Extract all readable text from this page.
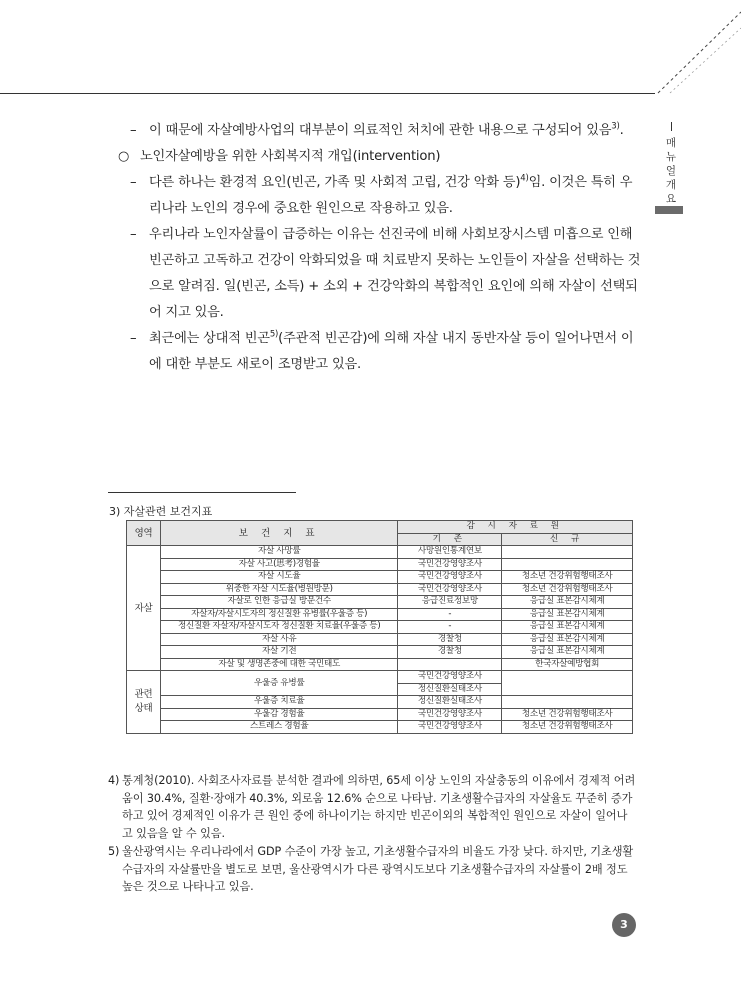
매뉴얼개요
– 이 때문에 자살예방사업의 대부분이 의료적인 처치에 관한 내용으로 구성되어 있음$^{3)}$.
○ 노인자살예방을 위한 사회복지적 개입(intervention)
– 다른 하나는 환경적 요인(빈곤, 가족 및 사회적 고립, 건강 악화 등)$^{4)}$임. 이것은 특히 우리나라 노인의 경우에 중요한 원인으로 작용하고 있음.
– 우리나라 노인자살률이 급증하는 이유는 선진국에 비해 사회보장시스템 미흡으로 인해 빈곤하고 고독하고 건강이 악화되었을 때 치료받지 못하는 노인들이 자살을 선택하는 것으로 알려짐. 일(빈곤, 소득) + 소외 + 건강악화의 복합적인 요인에 의해 자살이 선택되어 지고 있음.
– 최근에는 상대적 빈곤$^{5)}$(주관적 빈곤감)에 의해 자살 내지 동반자살 등이 일어나면서 이에 대한 부분도 새로이 조명받고 있음.
3) 자살관련 보건지표
영역	보 건 지 표	감 시 자 료 원	
		기 존	신 규
자살	자살 사망률	사망원인통계연보	
	자살 사고(思考)경험율	국민건강영양조사	
	자살 시도율	국민건강영양조사	청소년 건강위험행태조사
	위중한 자살 시도율(병원방문)	국민건강영양조사	청소년 건강위험행태조사
	자살로 인한 응급실 방문건수	응급진료정보망	응급실 표본감시체계
	자살자/자살시도자의 정신질환 유병률(우울증 등)	-	응급실 표본감시체계
	정신질환 자살자/자살시도자 정신질환 치료율(우울증 등)	-	응급실 표본감시체계
	자살 사유	경찰청	응급실 표본감시체계
	자살 기전	경찰청	응급실 표본감시체계
	자살 및 생명존중에 대한 국민태도		한국자살예방협회
관련
상태	우울증 유병률	국민건강영양조사	
		정신질환실태조사	
	우울증 치료율	정신질환실태조사	
	우울감 경험율	국민건강영양조사	청소년 건강위험행태조사
	스트레스 경험율	국민건강영양조사	청소년 건강위험행태조사
4) 통계청(2010). 사회조사자료를 분석한 결과에 의하면, 65세 이상 노인의 자살충동의 이유에서 경제적 어려움이 30.4%, 질환·장애가 40.3%, 외로움 12.6% 순으로 나타남. 기초생활수급자의 자살율도 꾸준히 증가하고 있어 경제적인 이유가 큰 원인 중에 하나이기는 하지만 빈곤이외의 복합적인 원인으로 자살이 일어나고 있음을 알 수 있음.
5) 울산광역시는 우리나라에서 GDP 수준이 가장 높고, 기초생활수급자의 비율도 가장 낮다. 하지만, 기초생활수급자의 자살률만을 별도로 보면, 울산광역시가 다른 광역시도보다 기초생활수급자의 자살률이 2배 정도 높은 것으로 나타나고 있음.
3
